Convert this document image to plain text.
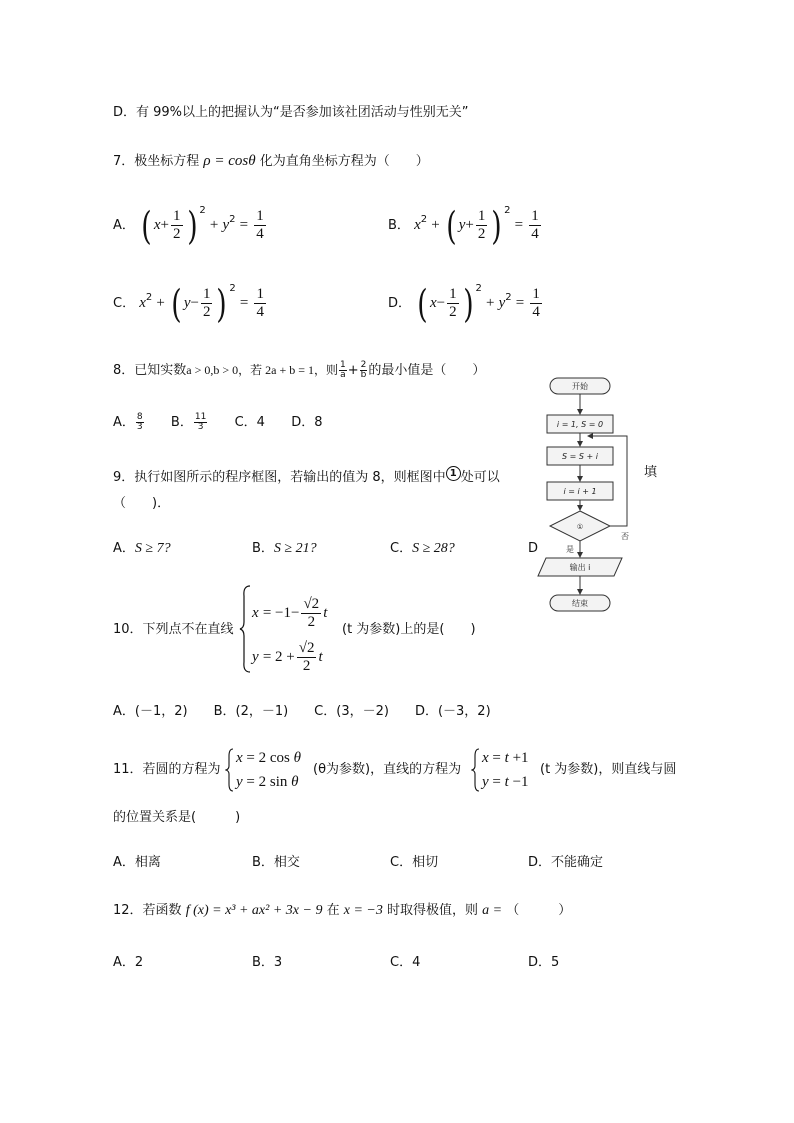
D．有 99%以上的把握认为“是否参加该社团活动与性别无关”
7．极坐标方程 ρ = cosθ 化为直角坐标方程为（　　）
A． ( $x+ \frac{1}{2}$ ) $^2 + y^2 = \frac{1}{4}$	B． $x^2$ + ( $y+ \frac{1}{2}$ ) $^2 = \frac{1}{4}$
C． $x^2$ + ( $y- \frac{1}{2}$ ) $^2 = \frac{1}{4}$	D． ( $x- \frac{1}{2}$ ) $^2 + y^2 = \frac{1}{4}$
8．已知实数a > 0,b > 0，若 2a + b = 1，则 $\frac{1}{a} + \frac{2}{b}$ 的最小值是（　　）
A． $\frac{8}{3}$ B． $\frac{11}{3}$ C．4 D．8
9．执行如图所示的程序框图，若输出的值为 8，则框图中 1 处可以	填
（　　)．
A．S ≥ 7?	B．S ≥ 21?	C．S ≥ 28?	D
开始
i = 1, S = 0
S = S + i
i = i + 1
①
是
否
输出 i
结束
10．下列点不在直线
$x = -1- \frac{√2}{2}$ t
$y = 2 + \frac{√2}{2}$ t
(t 为参数)上的是(　　)
A．(－1，2)　　B．(2，－1)　　C．(3，－2)　　D．(－3，2)
11．若圆的方程为
x = 2 cos θ
y = 2 sin θ
(θ为参数)，直线的方程为
x = t +1
y = t −1
(t 为参数)，则直线与圆
的位置关系是(　　　)
A．相离	B．相交	C．相切	D．不能确定
12．若函数 f (x) = x³ + ax² + 3x − 9 在 x = −3 时取得极值，则 a = （　　　）
A．2	B．3	C．4	D．5
